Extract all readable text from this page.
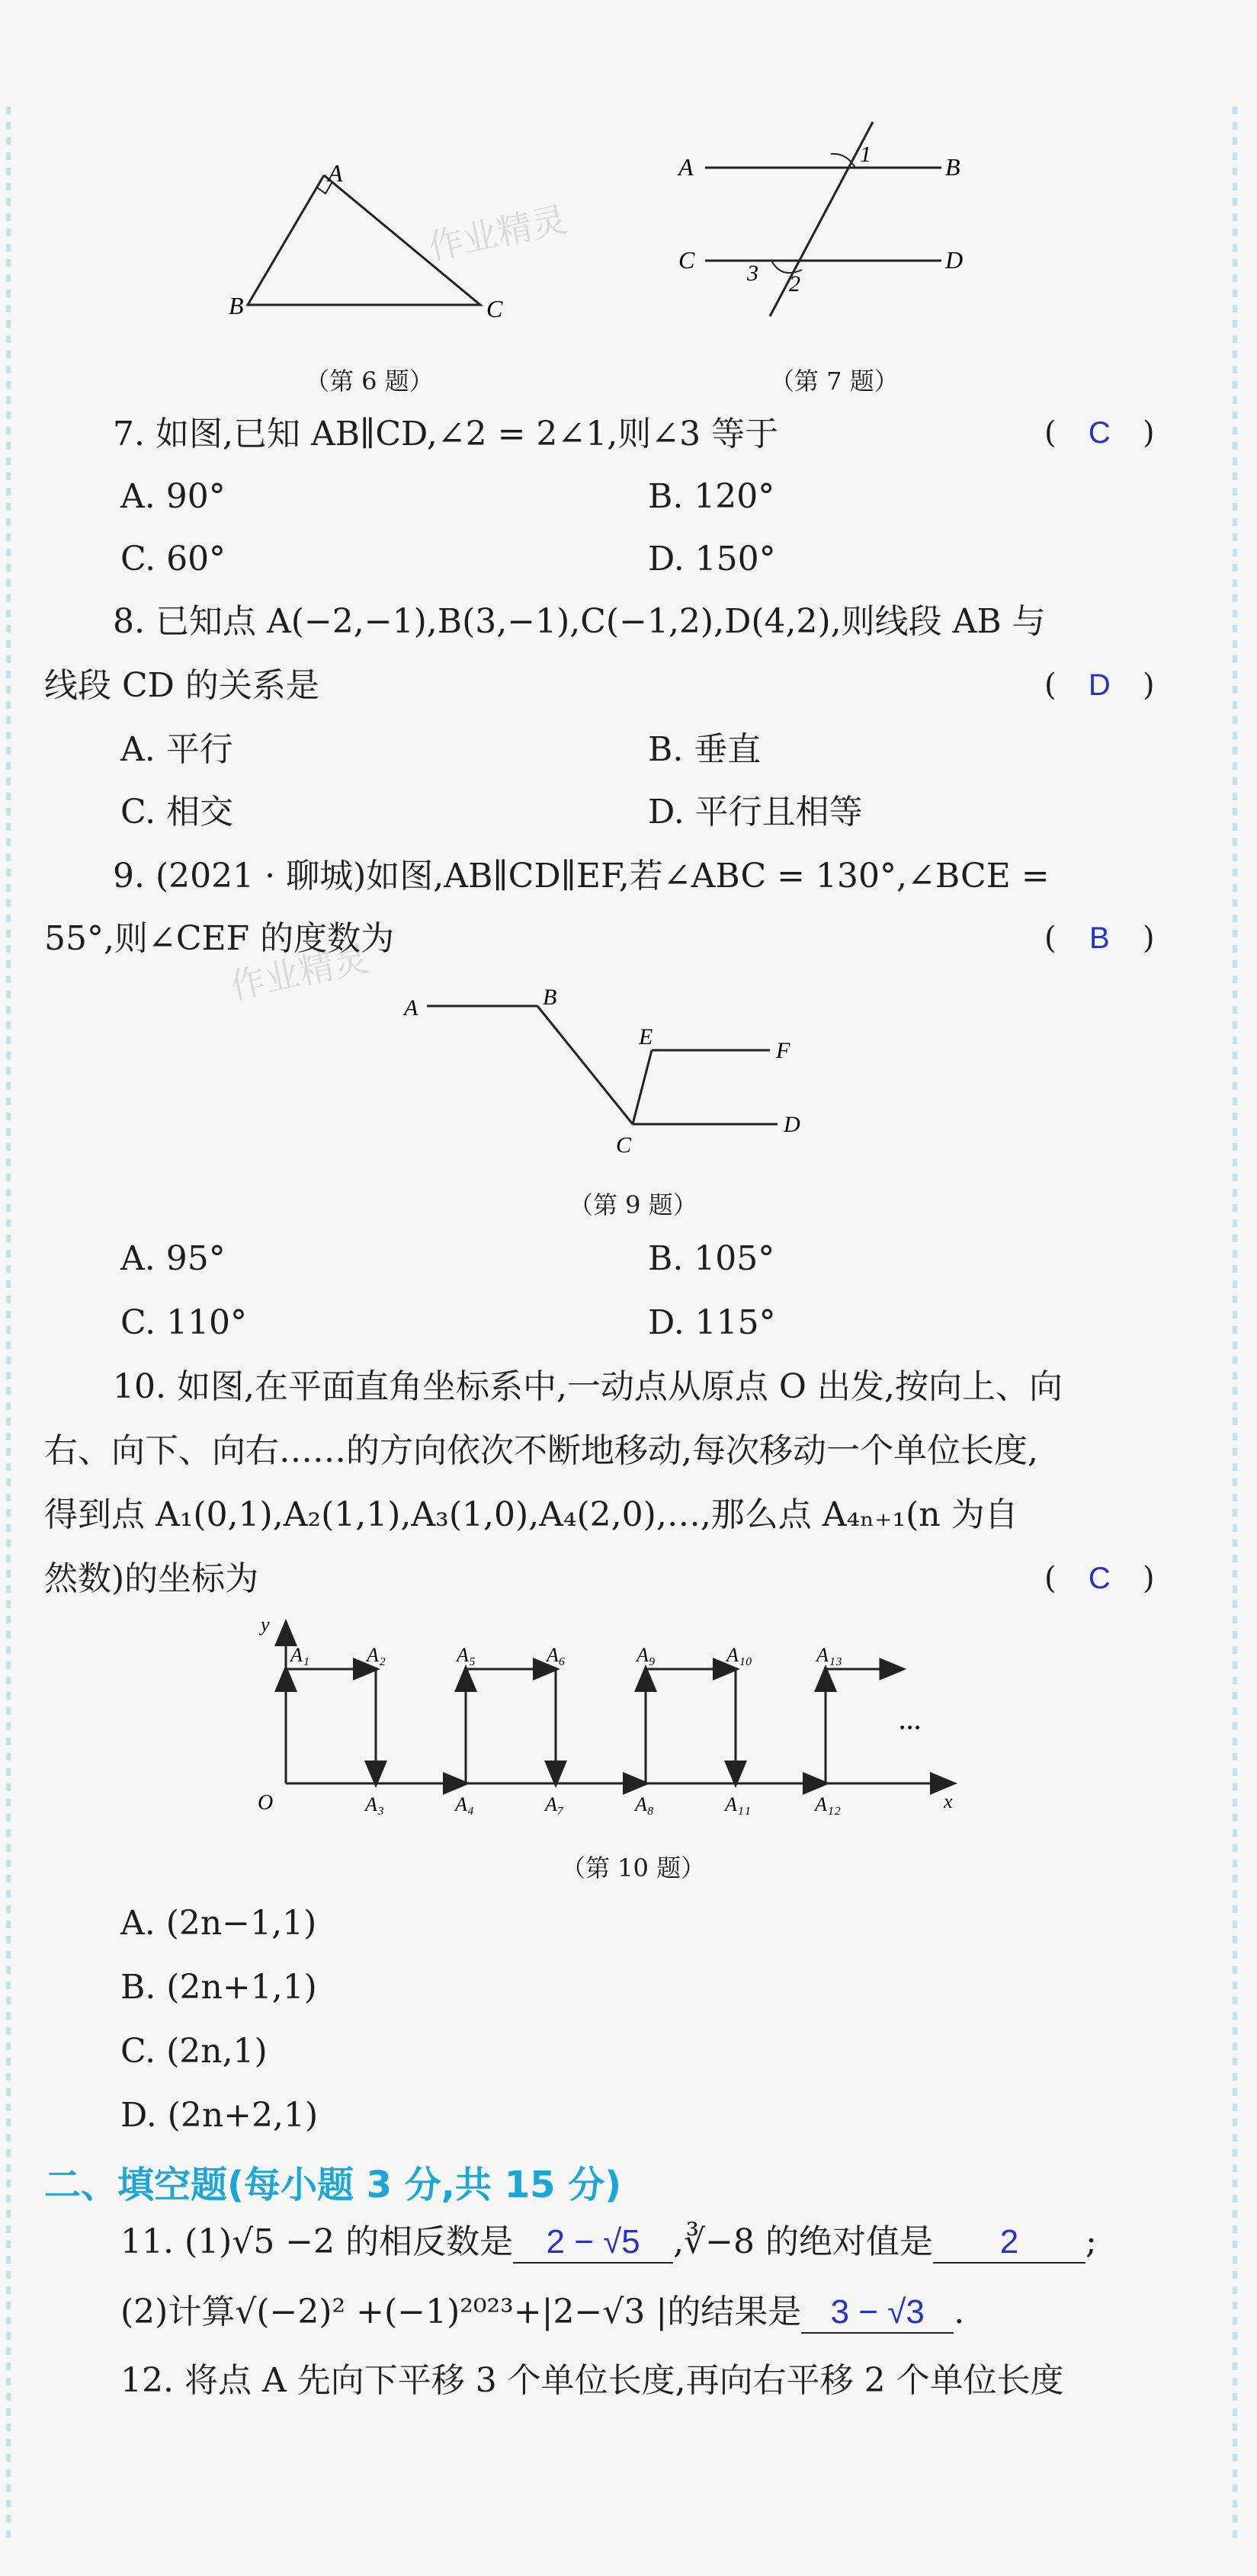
作业精灵
作业精灵
A
B	C
（第 6 题）
A	B
C	D
1
2
3
（第 7 题）
7. 如图,已知 AB∥CD,∠2 = 2∠1,则∠3 等于	( C )
A. 90°	B. 120°
C. 60°	D. 150°
8. 已知点 A(−2,−1),B(3,−1),C(−1,2),D(4,2),则线段 AB 与
线段 CD 的关系是	( D )
A. 平行	B. 垂直
C. 相交	D. 平行且相等
9. (2021 · 聊城)如图,AB∥CD∥EF,若∠ABC = 130°,∠BCE =
55°,则∠CEF 的度数为	( B )
A	B
C
D
E
F
（第 9 题）
A. 95°	B. 105°
C. 110°	D. 115°
10. 如图,在平面直角坐标系中,一动点从原点 O 出发,按向上、向
右、向下、向右……的方向依次不断地移动,每次移动一个单位长度,
得到点 A₁(0,1),A₂(1,1),A₃(1,0),A₄(2,0),…,那么点 A₄ₙ₊₁(n 为自
然数)的坐标为	( C )
x
y
O
···
A₁	A₂	A₅	A₆	A₉	A₁₀	A₁₃
A₃	A₄	A₇	A₈	A₁₁	A₁₂
（第 10 题）
A. (2n−1,1)
B. (2n+1,1)
C. (2n,1)
D. (2n+2,1)
二、填空题(每小题 3 分,共 15 分)
11. (1)√5 −2 的相反数是 2 − √5 ,∛−8 的绝对值是 2 ;
(2)计算√(−2)² +(−1)²⁰²³+|2−√3 |的结果是 3 − √3 .
12. 将点 A 先向下平移 3 个单位长度,再向右平移 2 个单位长度
